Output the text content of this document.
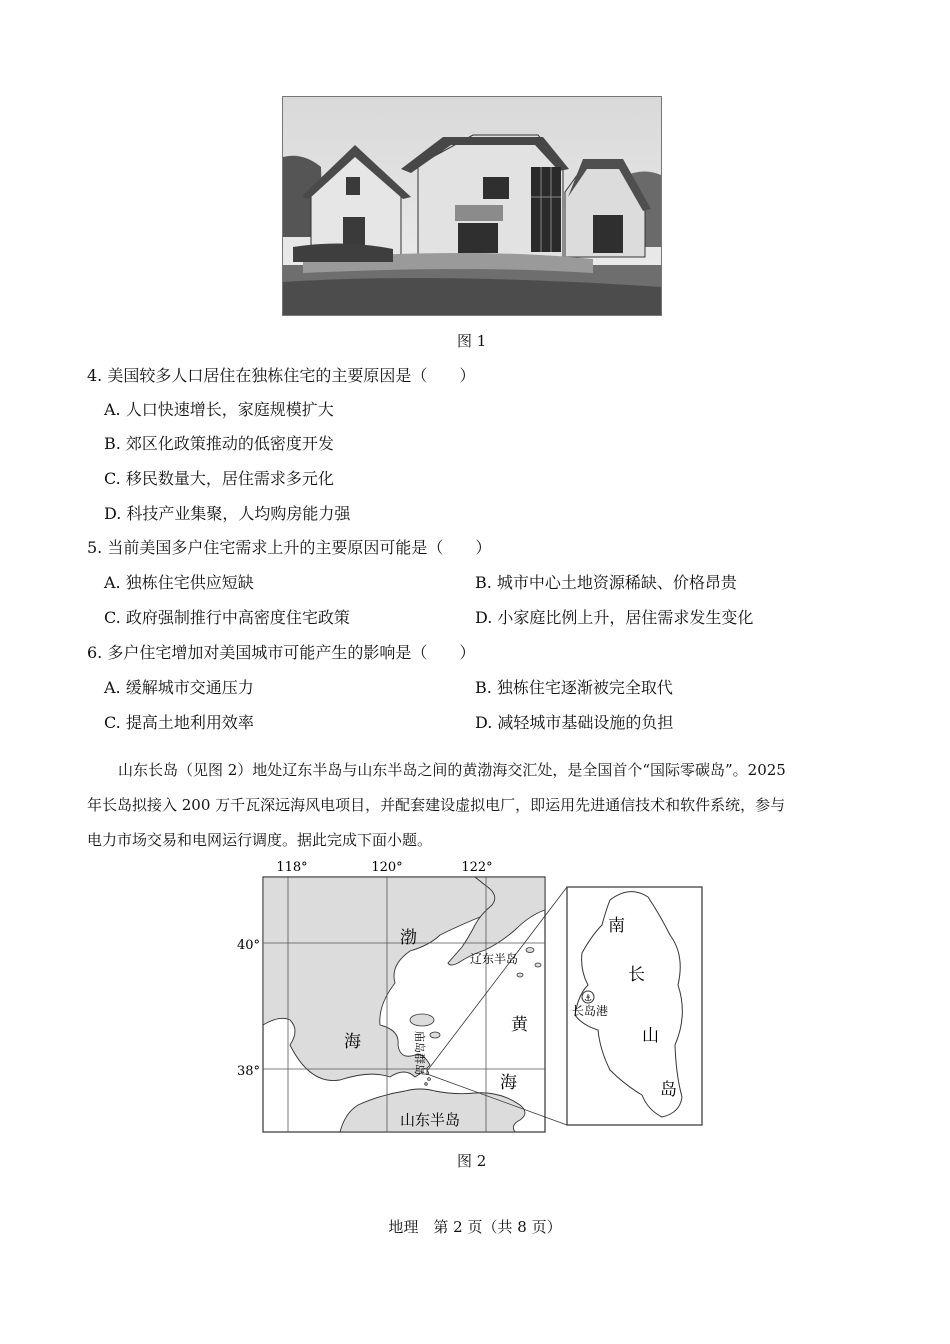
图 1
4. 美国较多人口居住在独栋住宅的主要原因是（　　）
A. 人口快速增长，家庭规模扩大
B. 郊区化政策推动的低密度开发
C. 移民数量大，居住需求多元化
D. 科技产业集聚，人均购房能力强
5. 当前美国多户住宅需求上升的主要原因可能是（　　）
A. 独栋住宅供应短缺	B. 城市中心土地资源稀缺、价格昂贵
C. 政府强制推行中高密度住宅政策	D. 小家庭比例上升，居住需求发生变化
6. 多户住宅增加对美国城市可能产生的影响是（　　）
A. 缓解城市交通压力	B. 独栋住宅逐渐被完全取代
C. 提高土地利用效率	D. 减轻城市基础设施的负担
山东长岛（见图 2）地处辽东半岛与山东半岛之间的黄渤海交汇处，是全国首个“国际零碳岛”。2025
年长岛拟接入 200 万千瓦深远海风电项目，并配套建设虚拟电厂，即运用先进通信技术和软件系统，参与
电力市场交易和电网运行调度。据此完成下面小题。
⚓
118°	120°	122°
40°
38°
渤
海
黄
海
辽东半岛
山东半岛
庙岛群岛
南
长
山
岛
长岛港
图 2
地理　第 2 页（共 8 页）
